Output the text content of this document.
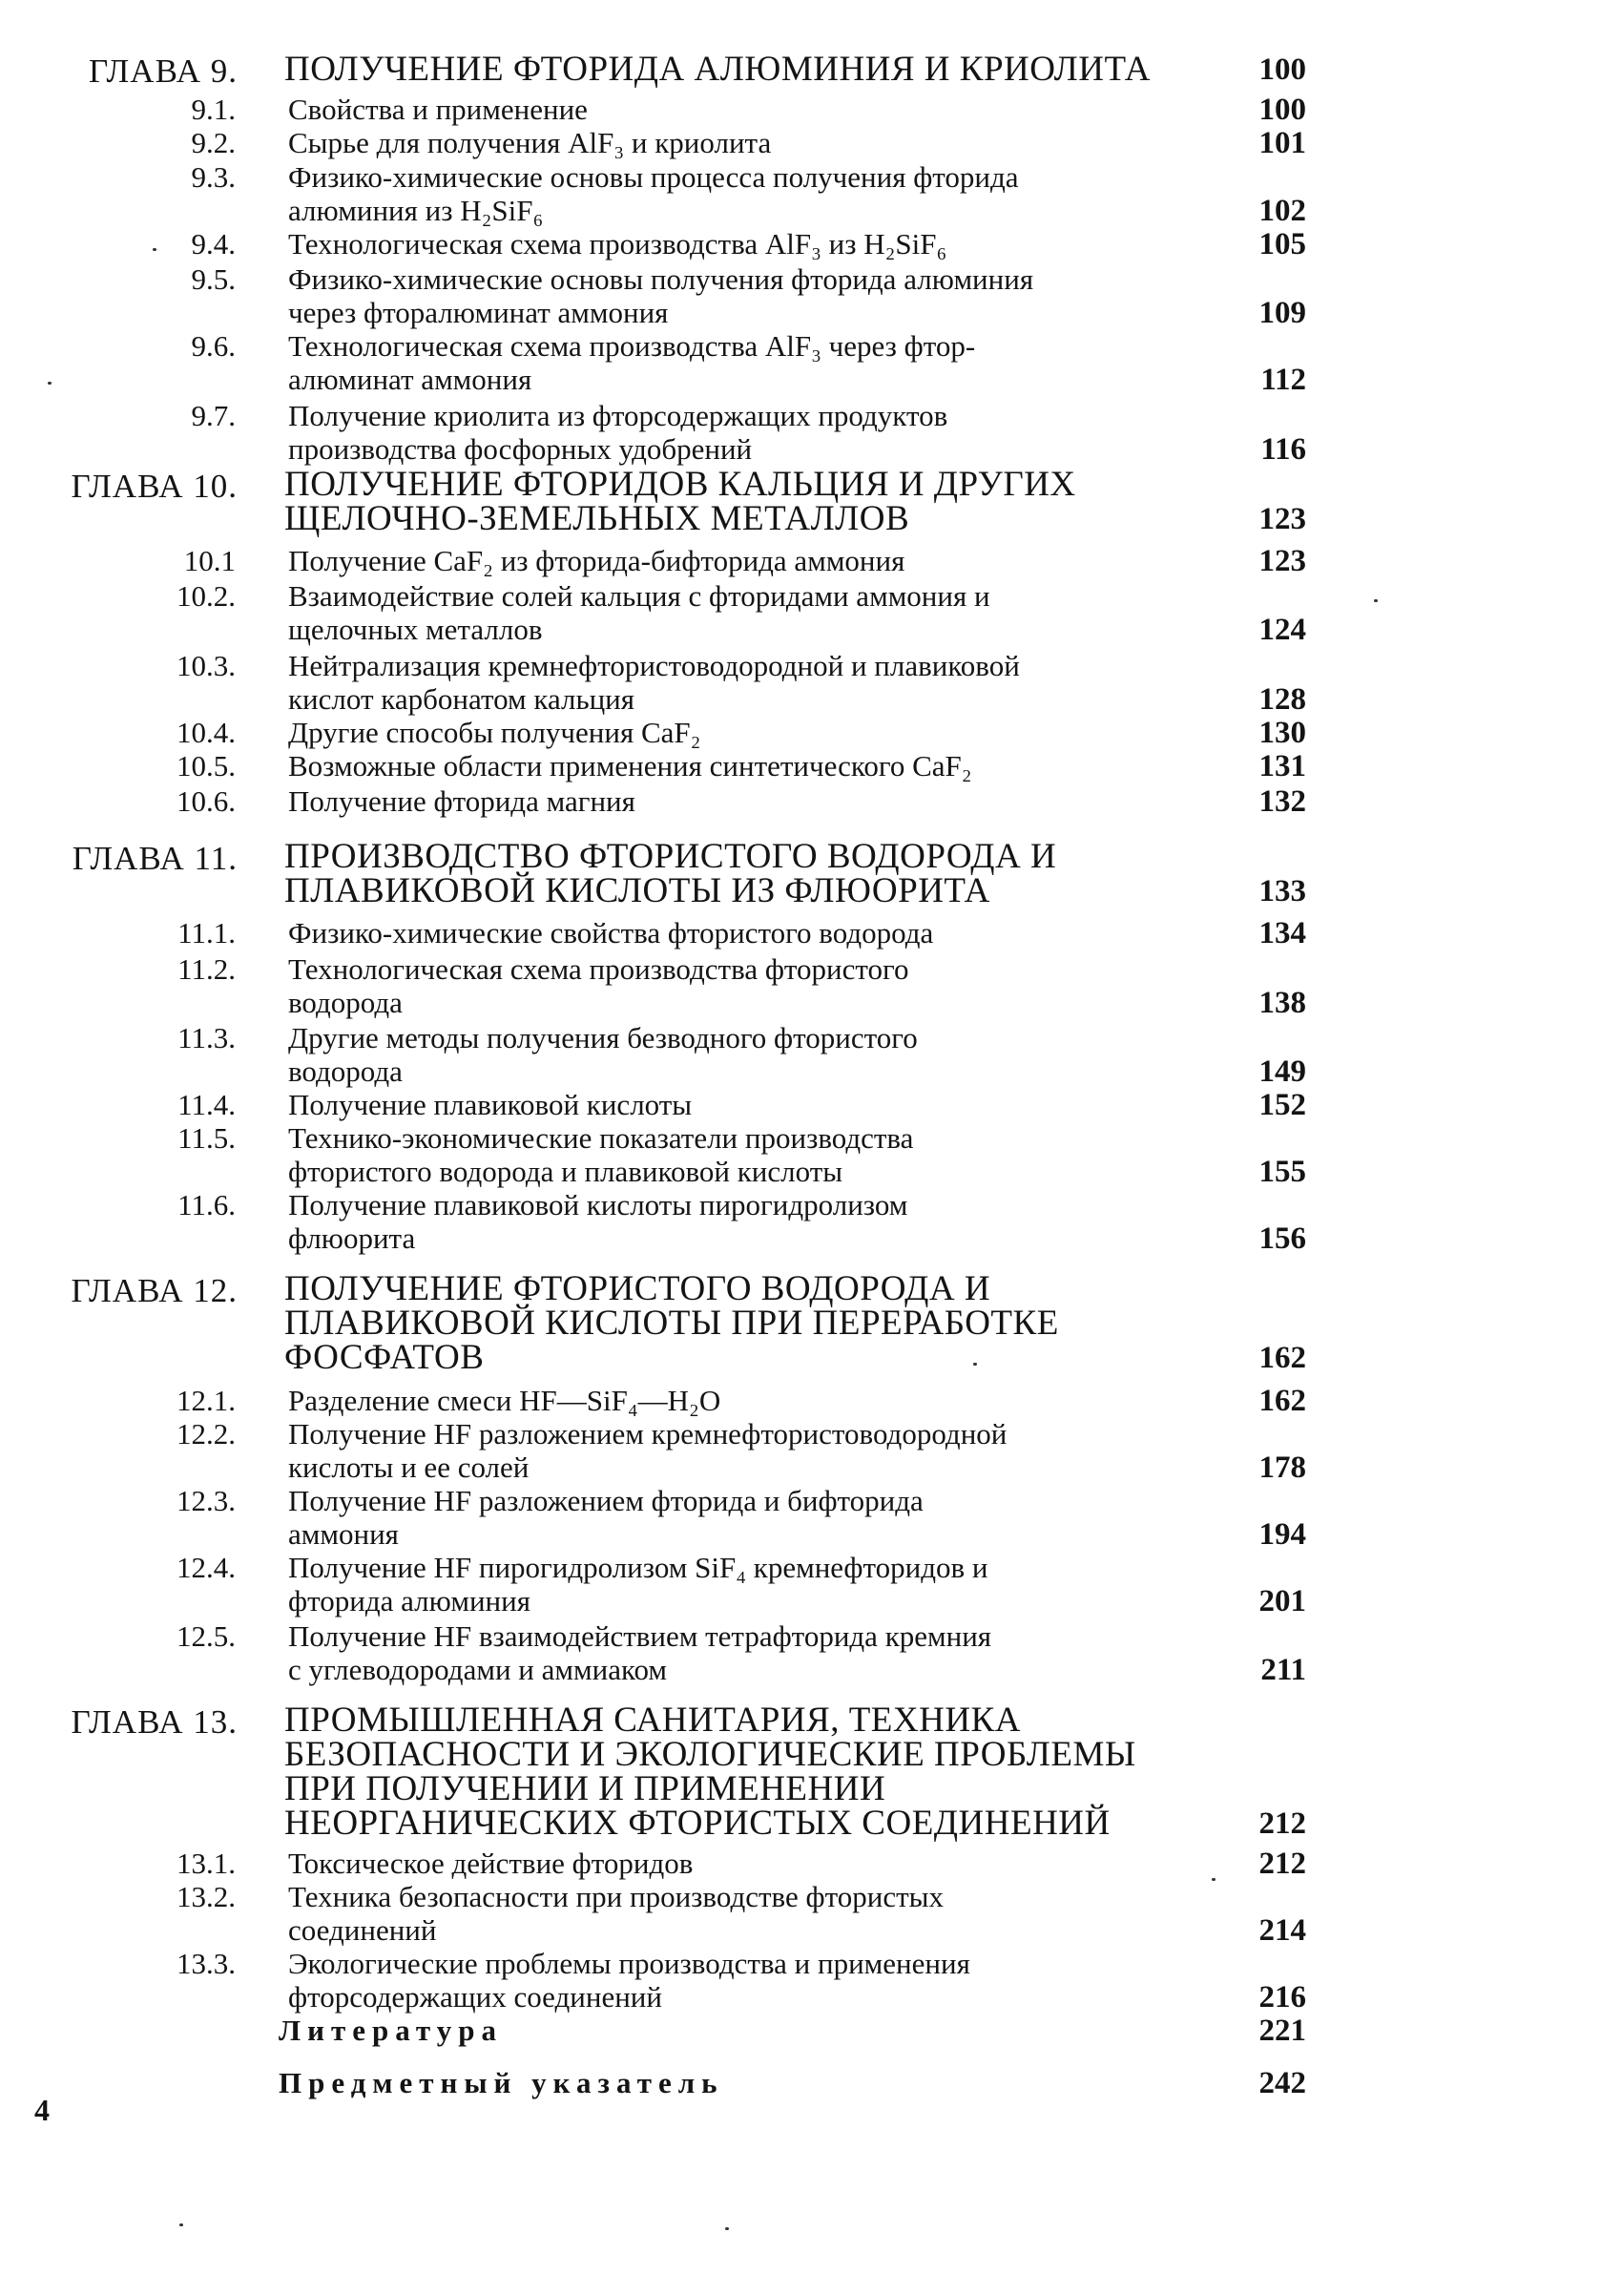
ГЛАВА 9. ПОЛУЧЕНИЕ ФТОРИДА АЛЮМИНИЯ И КРИОЛИТА	100
9.1. Свойства и применение	100
9.2. Сырье для получения AlF₃ и криолита	101
9.3. Физико-химические основы процесса получения фторида
алюминия из H₂SiF₆	102
9.4. Технологическая схема производства AlF₃ из H₂SiF₆	105
9.5. Физико-химические основы получения фторида алюминия
через фторалюминат аммония	109
9.6. Технологическая схема производства AlF₃ через фтор-
алюминат аммония	112
9.7. Получение криолита из фторсодержащих продуктов
производства фосфорных удобрений	116
ГЛАВА 10. ПОЛУЧЕНИЕ ФТОРИДОВ КАЛЬЦИЯ И ДРУГИХ
ЩЕЛОЧНО-ЗЕМЕЛЬНЫХ МЕТАЛЛОВ	123
10.1 Получение CaF₂ из фторида-бифторида аммония	123
10.2. Взаимодействие солей кальция с фторидами аммония и
щелочных металлов	124
10.3. Нейтрализация кремнефтористоводородной и плавиковой
кислот карбонатом кальция	128
10.4. Другие способы получения CaF₂	130
10.5. Возможные области применения синтетического CaF₂	131
10.6. Получение фторида магния	132
ГЛАВА 11. ПРОИЗВОДСТВО ФТОРИСТОГО ВОДОРОДА И
ПЛАВИКОВОЙ КИСЛОТЫ ИЗ ФЛЮОРИТА	133
11.1. Физико-химические свойства фтористого водорода	134
11.2. Технологическая схема производства фтористого
водорода	138
11.3. Другие методы получения безводного фтористого
водорода	149
11.4. Получение плавиковой кислоты	152
11.5. Технико-экономические показатели производства
фтористого водорода и плавиковой кислоты	155
11.6. Получение плавиковой кислоты пирогидролизом
флюорита	156
ГЛАВА 12. ПОЛУЧЕНИЕ ФТОРИСТОГО ВОДОРОДА И
ПЛАВИКОВОЙ КИСЛОТЫ ПРИ ПЕРЕРАБОТКЕ
ФОСФАТОВ	162
12.1. Разделение смеси HF—SiF₄—H₂O	162
12.2. Получение HF разложением кремнефтористоводородной
кислоты и ее солей	178
12.3. Получение HF разложением фторида и бифторида
аммония	194
12.4. Получение HF пирогидролизом SiF₄ кремнефторидов и
фторида алюминия	201
12.5. Получение HF взаимодействием тетрафторида кремния
с углеводородами и аммиаком	211
ГЛАВА 13. ПРОМЫШЛЕННАЯ САНИТАРИЯ, ТЕХНИКА
БЕЗОПАСНОСТИ И ЭКОЛОГИЧЕСКИЕ ПРОБЛЕМЫ
ПРИ ПОЛУЧЕНИИ И ПРИМЕНЕНИИ
НЕОРГАНИЧЕСКИХ ФТОРИСТЫХ СОЕДИНЕНИЙ	212
13.1. Токсическое действие фторидов	212
13.2. Техника безопасности при производстве фтористых
соединений	214
13.3. Экологические проблемы производства и применения
фторсодержащих соединений	216
Литература	221
Предметный указатель	242
4
